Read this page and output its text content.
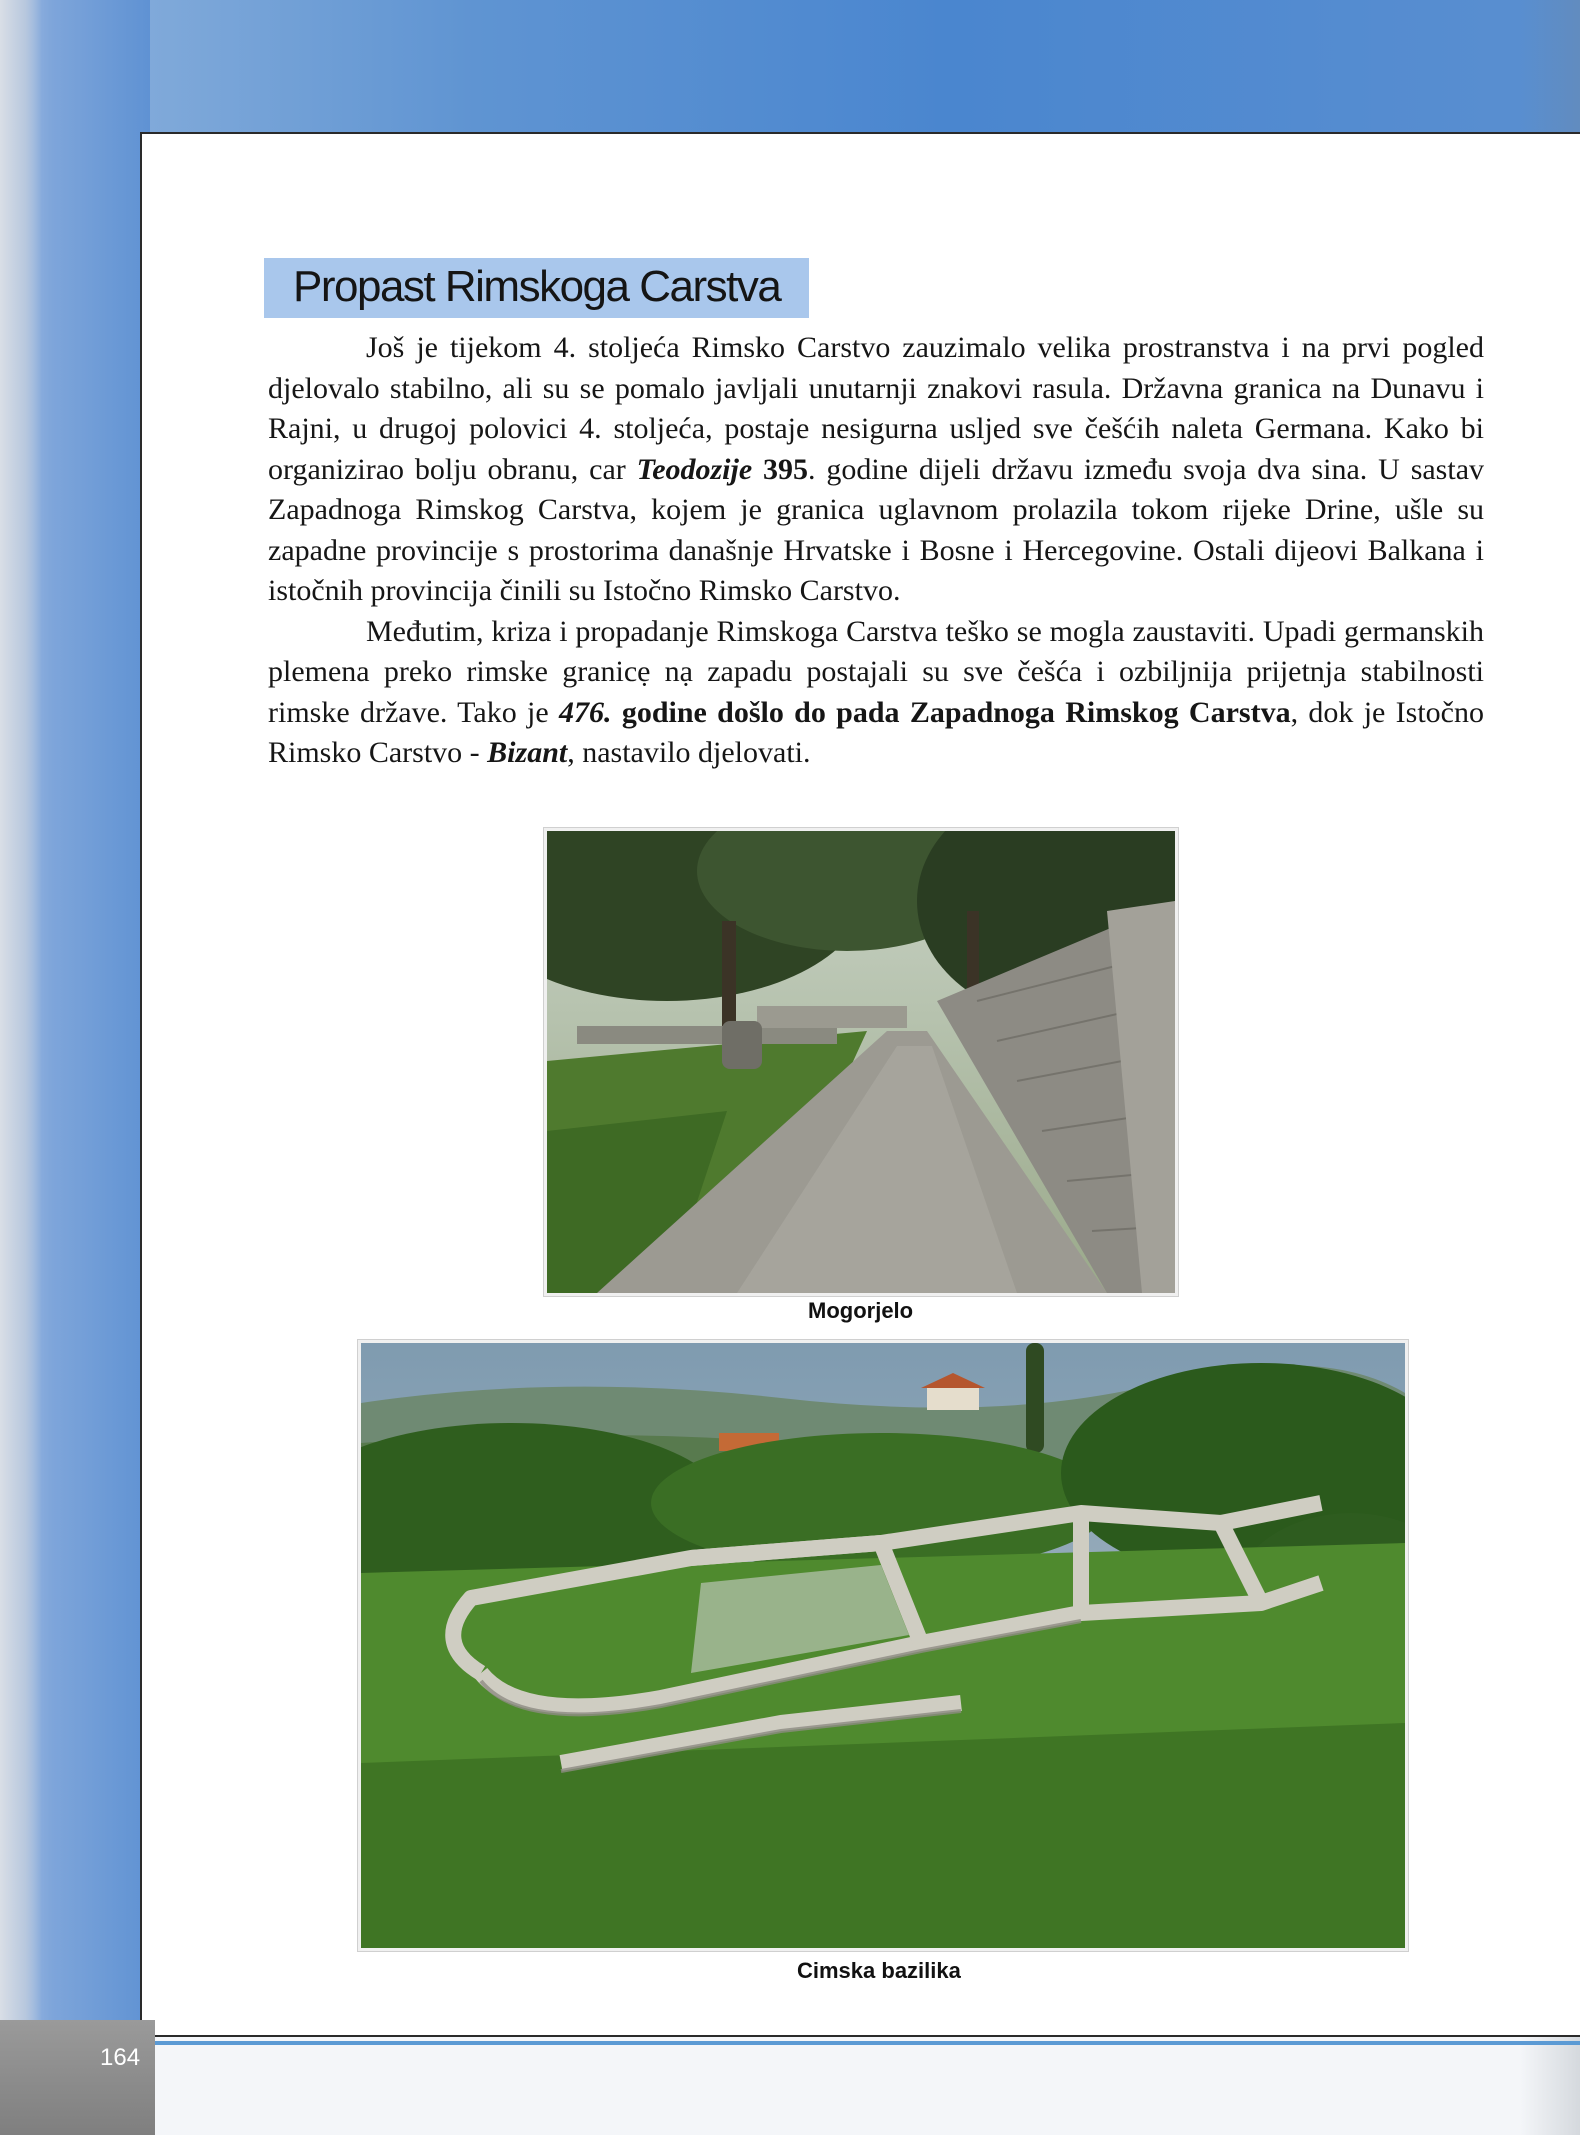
Propast Rimskoga Carstva

Još je tijekom 4. stoljeća Rimsko Carstvo zauzimalo velika prostranstva i na prvi pogled djelovalo stabilno, ali su se pomalo javljali unutarnji znakovi rasula. Državna granica na Dunavu i Rajni, u drugoj polovici 4. stoljeća, postaje nesigurna usljed sve češćih naleta Germana. Kako bi organizirao bolju obranu, car Teodozije 395. godine dijeli državu između svoja dva sina. U sastav Zapadnoga Rimskog Carstva, kojem je granica uglavnom prolazila tokom rijeke Drine, ušle su zapadne provincije s prostorima današnje Hrvatske i Bosne i Hercegovine. Ostali dijeovi Balkana i istočnih provincija činili su Istočno Rimsko Carstvo.

Međutim, kriza i propadanje Rimskoga Carstva teško se mogla zaustaviti. Upadi germanskih plemena preko rimske granicẹ nạ zapadu postajali su sve češća i ozbiljnija prijetnja stabilnosti rimske države. Tako je 476. godine došlo do pada Zapadnoga Rimskog Carstva, dok je Istočno Rimsko Carstvo - Bizant, nastavilo djelovati.

Mogorjelo
Cimska bazilika
164
